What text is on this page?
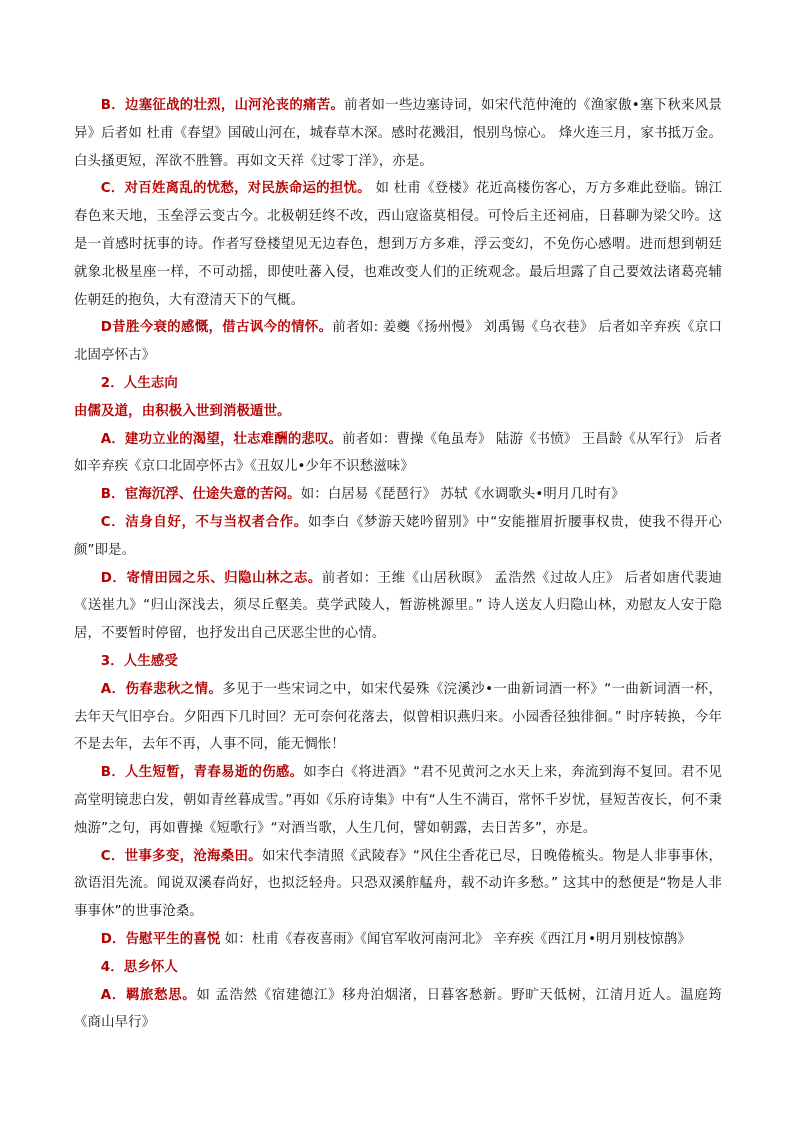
B．边塞征战的壮烈，山河沦丧的痛苦。前者如一些边塞诗词，如宋代范仲淹的《渔家傲•塞下秋来风景异》后者如 杜甫《春望》国破山河在，城春草木深。感时花溅泪，恨别鸟惊心。 烽火连三月，家书抵万金。白头搔更短，浑欲不胜簪。再如文天祥《过零丁洋》，亦是。

C．对百姓离乱的忧愁，对民族命运的担忧。 如 杜甫《登楼》花近高楼伤客心，万方多难此登临。锦江春色来天地，玉垒浮云变古今。北极朝廷终不改，西山寇盗莫相侵。可怜后主还祠庙，日暮聊为梁父吟。这是一首感时抚事的诗。作者写登楼望见无边春色，想到万方多难，浮云变幻，不免伤心感喟。进而想到朝廷就象北极星座一样，不可动摇，即使吐蕃入侵，也难改变人们的正统观念。最后坦露了自己要效法诸葛亮辅佐朝廷的抱负，大有澄清天下的气概。

D昔胜今衰的感慨，借古讽今的情怀。前者如: 姜夔《扬州慢》 刘禹锡《乌衣巷》 后者如辛弃疾《京口北固亭怀古》

2．人生志向

由儒及道，由积极入世到消极遁世。

A．建功立业的渴望，壮志难酬的悲叹。前者如：曹操《龟虽寿》 陆游《书愤》 王昌龄《从军行》 后者如辛弃疾《京口北固亭怀古》《丑奴儿•少年不识愁滋味》

B．宦海沉浮、仕途失意的苦闷。如：白居易《琵琶行》 苏轼《水调歌头•明月几时有》

C．洁身自好，不与当权者合作。如李白《梦游天姥吟留别》中“安能摧眉折腰事权贵，使我不得开心颜”即是。

D．寄情田园之乐、归隐山林之志。前者如：王维《山居秋暝》 孟浩然《过故人庄》 后者如唐代裴迪《送崔九》“归山深浅去，须尽丘壑美。莫学武陵人，暂游桃源里。” 诗人送友人归隐山林，劝慰友人安于隐居，不要暂时停留，也抒发出自己厌恶尘世的心情。

3．人生感受

A．伤春悲秋之情。多见于一些宋词之中，如宋代晏殊《浣溪沙•一曲新词酒一杯》“一曲新词酒一杯，去年天气旧亭台。夕阳西下几时回？无可奈何花落去，似曾相识燕归来。小园香径独徘徊。” 时序转换，今年不是去年，去年不再，人事不同，能无惆怅！

B．人生短暂，青春易逝的伤感。如李白《将进酒》“君不见黄河之水天上来，奔流到海不复回。君不见高堂明镜悲白发，朝如青丝暮成雪。”再如《乐府诗集》中有“人生不满百，常怀千岁忧，昼短苦夜长，何不秉烛游”之句，再如曹操《短歌行》“对酒当歌，人生几何，譬如朝露，去日苦多”，亦是。

C．世事多变，沧海桑田。如宋代李清照《武陵春》“风住尘香花已尽，日晚倦梳头。物是人非事事休，欲语泪先流。闻说双溪春尚好，也拟泛轻舟。只恐双溪舴艋舟，载不动许多愁。” 这其中的愁便是“物是人非事事休”的世事沧桑。

D．告慰平生的喜悦 如：杜甫《春夜喜雨》《闻官军收河南河北》 辛弃疾《西江月•明月别枝惊鹊》

4．思乡怀人

A．羁旅愁思。如 孟浩然《宿建德江》移舟泊烟渚，日暮客愁新。野旷天低树，江清月近人。温庭筠《商山早行》
